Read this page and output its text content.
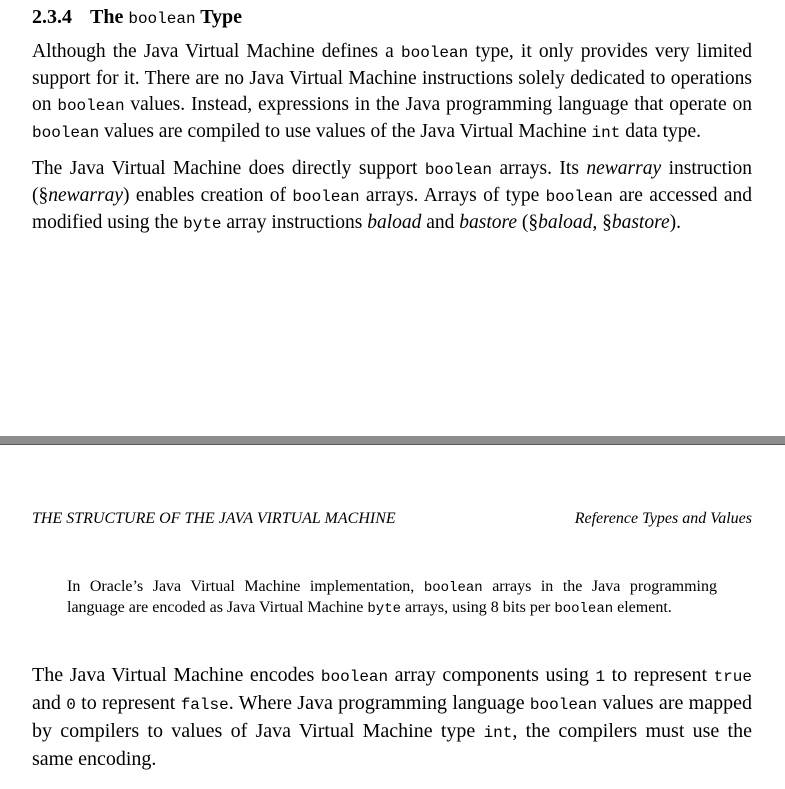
2.3.4 The boolean Type

Although the Java Virtual Machine defines a boolean type, it only provides very limited support for it. There are no Java Virtual Machine instructions solely dedicated to operations on boolean values. Instead, expressions in the Java programming language that operate on boolean values are compiled to use values of the Java Virtual Machine int data type.

The Java Virtual Machine does directly support boolean arrays. Its newarray instruction (§newarray) enables creation of boolean arrays. Arrays of type boolean are accessed and modified using the byte array instructions baload and bastore (§baload, §bastore).

THE STRUCTURE OF THE JAVA VIRTUAL MACHINE	Reference Types and Values
In Oracle’s Java Virtual Machine implementation, boolean arrays in the Java programming language are encoded as Java Virtual Machine byte arrays, using 8 bits per boolean element.

The Java Virtual Machine encodes boolean array components using 1 to represent true and 0 to represent false. Where Java programming language boolean values are mapped by compilers to values of Java Virtual Machine type int, the compilers must use the same encoding.
